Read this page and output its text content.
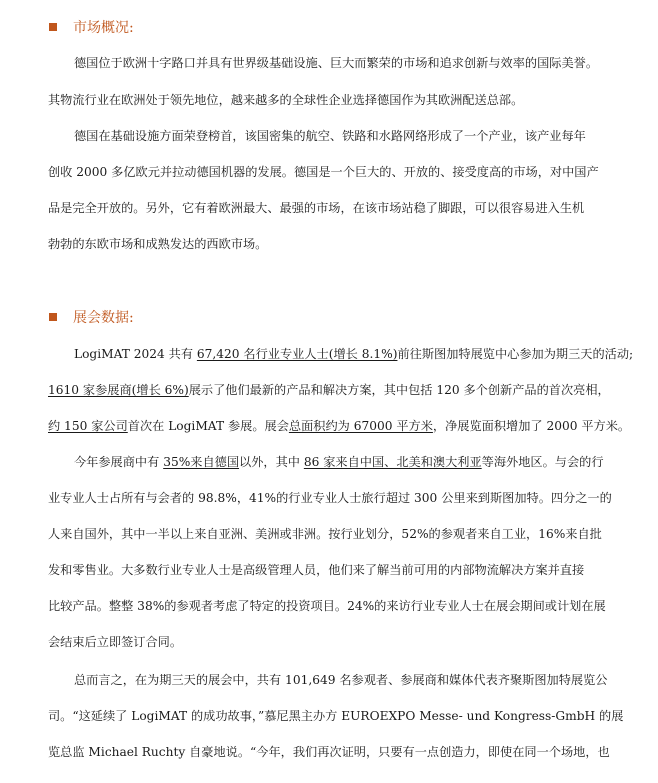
市场概况:
德国位于欧洲十字路口并具有世界级基础设施、巨大而繁荣的市场和追求创新与效率的国际美誉。
其物流行业在欧洲处于领先地位，越来越多的全球性企业选择德国作为其欧洲配送总部。
德国在基础设施方面荣登榜首，该国密集的航空、铁路和水路网络形成了一个产业，该产业每年
创收 2000 多亿欧元并拉动德国机器的发展。德国是一个巨大的、开放的、接受度高的市场，对中国产
品是完全开放的。另外，它有着欧洲最大、最强的市场，在该市场站稳了脚跟，可以很容易进入生机
勃勃的东欧市场和成熟发达的西欧市场。
展会数据:
LogiMAT 2024 共有 67,420 名行业专业人士(增长 8.1%)前往斯图加特展览中心参加为期三天的活动;
1610 家参展商(增长 6%)展示了他们最新的产品和解决方案，其中包括 120 多个创新产品的首次亮相，
约 150 家公司首次在 LogiMAT 参展。展会总面积约为 67000 平方米，净展览面积增加了 2000 平方米。
今年参展商中有 35%来自德国以外，其中 86 家来自中国、北美和澳大利亚等海外地区。与会的行
业专业人士占所有与会者的 98.8%，41%的行业专业人士旅行超过 300 公里来到斯图加特。四分之一的
人来自国外，其中一半以上来自亚洲、美洲或非洲。按行业划分，52%的参观者来自工业，16%来自批
发和零售业。大多数行业专业人士是高级管理人员，他们来了解当前可用的内部物流解决方案并直接
比较产品。整整 38%的参观者考虑了特定的投资项目。24%的来访行业专业人士在展会期间或计划在展
会结束后立即签订合同。
总而言之，在为期三天的展会中，共有 101,649 名参观者、参展商和媒体代表齐聚斯图加特展览公
司。“这延续了 LogiMAT 的成功故事，”慕尼黑主办方 EUROEXPO Messe- und Kongress-GmbH 的展
览总监 Michael Ruchty 自豪地说。“今年，我们再次证明，只要有一点创造力，即使在同一个场地，也
